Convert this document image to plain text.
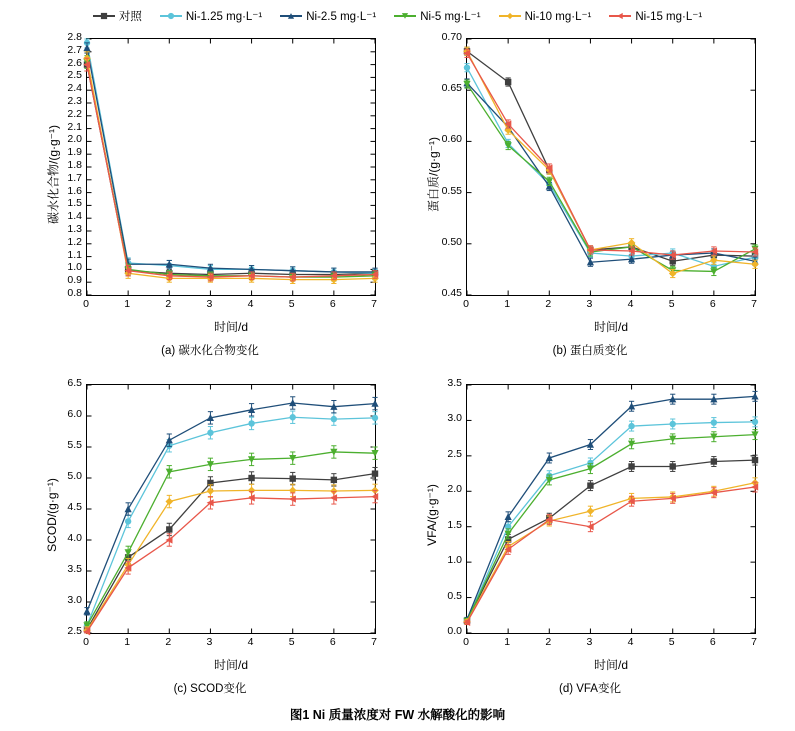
对照	Ni-1.25 mg·L⁻¹	Ni-2.5 mg·L⁻¹	Ni-5 mg·L⁻¹	Ni-10 mg·L⁻¹	Ni-15 mg·L⁻¹
碳水化合物/(g·g⁻¹)
时间/d
(a) 碳水化合物变化
0.8
0.9
1.0
1.1
1.2
1.3
1.4
1.5
1.6
1.7
1.8
1.9
2.0
2.1
2.2
2.3
2.4
2.5
2.6
2.7
2.8
0	1	2	3	4	5	6	7
蛋白质/(g·g⁻¹)
时间/d
(b) 蛋白质变化
0.45
0.50
0.55
0.60
0.65
0.70
0	1	2	3	4	5	6	7
SCOD/(g·g⁻¹)
时间/d
(c) SCOD变化
2.5
3.0
3.5
4.0
4.5
5.0
5.5
6.0
6.5
0	1	2	3	4	5	6	7
VFA/(g·g⁻¹)
时间/d
(d) VFA变化
0.0
0.5
1.0
1.5
2.0
2.5
3.0
3.5
0	1	2	3	4	5	6	7
图1 Ni 质量浓度对 FW 水解酸化的影响
